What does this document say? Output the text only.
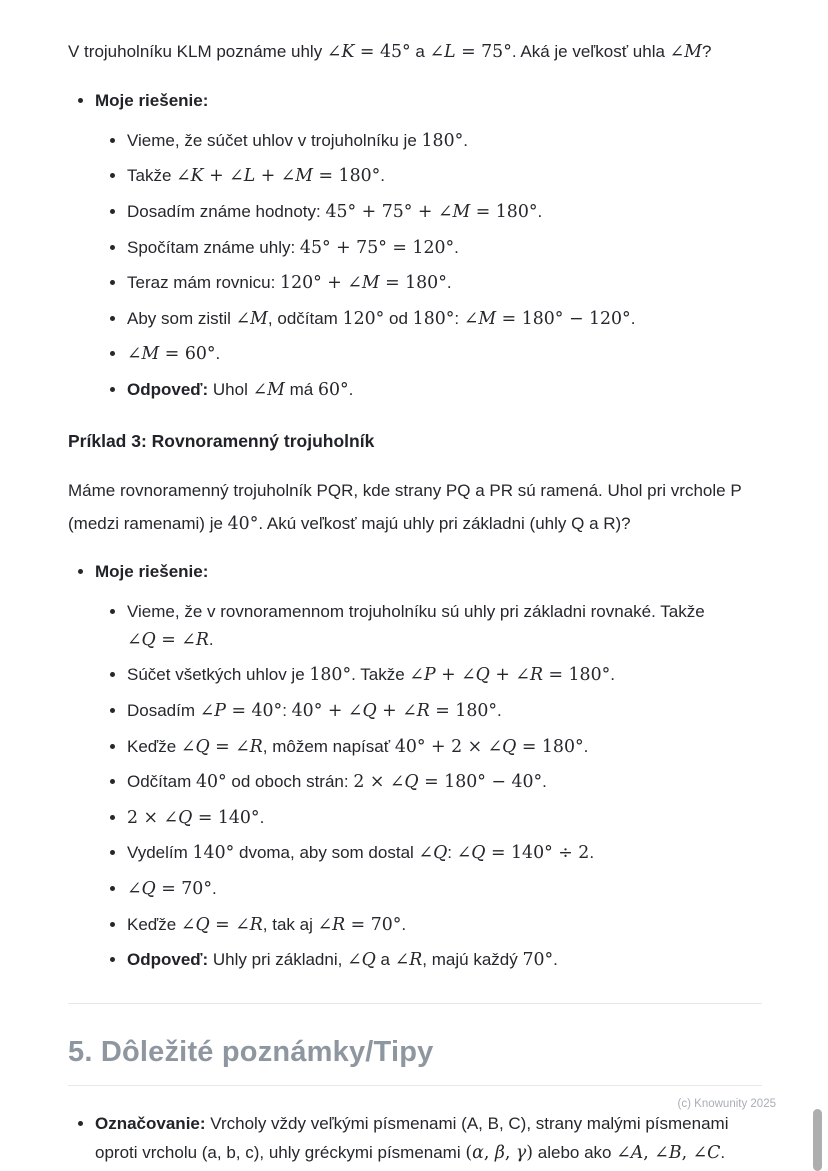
V trojuholníku KLM poznáme uhly ∠K = 45° a ∠L = 75°. Aká je veľkosť uhla ∠M?

• Moje riešenie:
• Vieme, že súčet uhlov v trojuholníku je 180°.
• Takže ∠K + ∠L + ∠M = 180°.
• Dosadím známe hodnoty: 45° + 75° + ∠M = 180°.
• Spočítam známe uhly: 45° + 75° = 120°.
• Teraz mám rovnicu: 120° + ∠M = 180°.
• Aby som zistil ∠M, odčítam 120° od 180°: ∠M = 180° − 120°.
• ∠M = 60°.
• Odpoveď: Uhol ∠M má 60°.
Príklad 3: Rovnoramenný trojuholník

Máme rovnoramenný trojuholník PQR, kde strany PQ a PR sú ramená. Uhol pri vrchole P (medzi ramenami) je 40°. Akú veľkosť majú uhly pri základni (uhly Q a R)?

• Moje riešenie:
• Vieme, že v rovnoramennom trojuholníku sú uhly pri základni rovnaké. Takže ∠Q = ∠R.
• Súčet všetkých uhlov je 180°. Takže ∠P + ∠Q + ∠R = 180°.
• Dosadím ∠P = 40°: 40° + ∠Q + ∠R = 180°.
• Keďže ∠Q = ∠R, môžem napísať 40° + 2 × ∠Q = 180°.
• Odčítam 40° od oboch strán: 2 × ∠Q = 180° − 40°.
• 2 × ∠Q = 140°.
• Vydelím 140° dvoma, aby som dostal ∠Q: ∠Q = 140° ÷ 2.
• ∠Q = 70°.
• Keďže ∠Q = ∠R, tak aj ∠R = 70°.
• Odpoveď: Uhly pri základni, ∠Q a ∠R, majú každý 70°.
5. Dôležité poznámky/Tipy
• Označovanie: Vrcholy vždy veľkými písmenami (A, B, C), strany malými písmenami oproti vrcholu (a, b, c), uhly gréckymi písmenami (α, β, γ) alebo ako ∠A, ∠B, ∠C.
(c) Knowunity 2025
